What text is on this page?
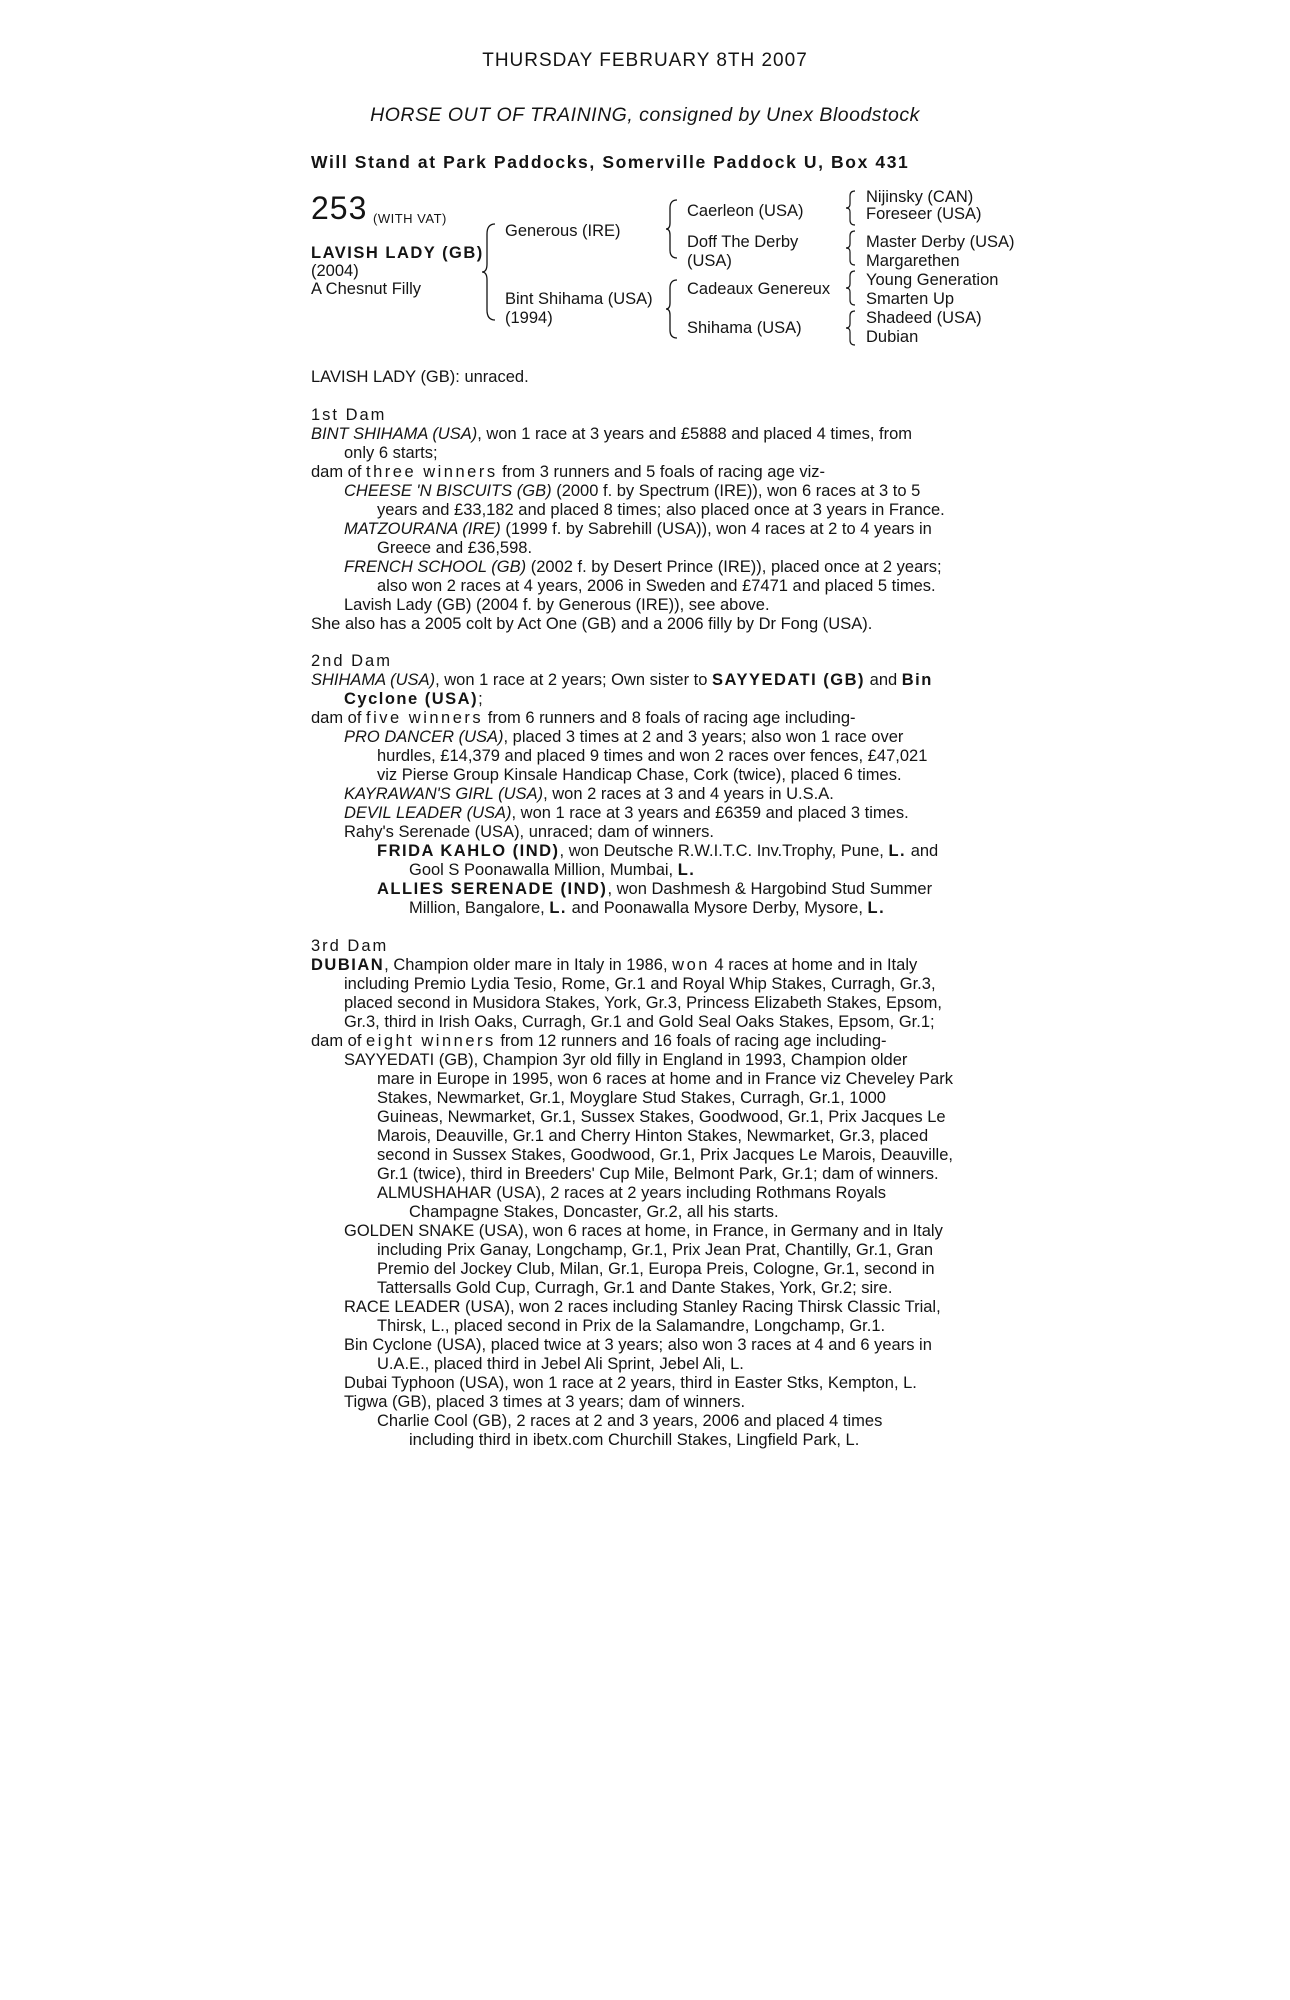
THURSDAY FEBRUARY 8TH 2007
HORSE OUT OF TRAINING, consigned by Unex Bloodstock
Will Stand at Park Paddocks, Somerville Paddock U, Box 431
253 (WITH VAT)
LAVISH LADY (GB)
(2004)
A Chesnut Filly
Generous (IRE)
Bint Shihama (USA)
(1994)
Caerleon (USA)
Doff The Derby
(USA)
Cadeaux Genereux
Shihama (USA)
Nijinsky (CAN)
Foreseer (USA)
Master Derby (USA)
Margarethen
Young Generation
Smarten Up
Shadeed (USA)
Dubian
LAVISH LADY (GB): unraced.
1st Dam
BINT SHIHAMA (USA), won 1 race at 3 years and £5888 and placed 4 times, from
only 6 starts;
dam of three winners from 3 runners and 5 foals of racing age viz-
CHEESE 'N BISCUITS (GB) (2000 f. by Spectrum (IRE)), won 6 races at 3 to 5
years and £33,182 and placed 8 times; also placed once at 3 years in France.
MATZOURANA (IRE) (1999 f. by Sabrehill (USA)), won 4 races at 2 to 4 years in
Greece and £36,598.
FRENCH SCHOOL (GB) (2002 f. by Desert Prince (IRE)), placed once at 2 years;
also won 2 races at 4 years, 2006 in Sweden and £7471 and placed 5 times.
Lavish Lady (GB) (2004 f. by Generous (IRE)), see above.
She also has a 2005 colt by Act One (GB) and a 2006 filly by Dr Fong (USA).
2nd Dam
SHIHAMA (USA), won 1 race at 2 years; Own sister to SAYYEDATI (GB) and Bin
Cyclone (USA);
dam of five winners from 6 runners and 8 foals of racing age including-
PRO DANCER (USA), placed 3 times at 2 and 3 years; also won 1 race over
hurdles, £14,379 and placed 9 times and won 2 races over fences, £47,021
viz Pierse Group Kinsale Handicap Chase, Cork (twice), placed 6 times.
KAYRAWAN'S GIRL (USA), won 2 races at 3 and 4 years in U.S.A.
DEVIL LEADER (USA), won 1 race at 3 years and £6359 and placed 3 times.
Rahy's Serenade (USA), unraced; dam of winners.
FRIDA KAHLO (IND), won Deutsche R.W.I.T.C. Inv.Trophy, Pune, L. and
Gool S Poonawalla Million, Mumbai, L.
ALLIES SERENADE (IND), won Dashmesh & Hargobind Stud Summer
Million, Bangalore, L. and Poonawalla Mysore Derby, Mysore, L.
3rd Dam
DUBIAN, Champion older mare in Italy in 1986, won 4 races at home and in Italy
including Premio Lydia Tesio, Rome, Gr.1 and Royal Whip Stakes, Curragh, Gr.3,
placed second in Musidora Stakes, York, Gr.3, Princess Elizabeth Stakes, Epsom,
Gr.3, third in Irish Oaks, Curragh, Gr.1 and Gold Seal Oaks Stakes, Epsom, Gr.1;
dam of eight winners from 12 runners and 16 foals of racing age including-
SAYYEDATI (GB), Champion 3yr old filly in England in 1993, Champion older
mare in Europe in 1995, won 6 races at home and in France viz Cheveley Park
Stakes, Newmarket, Gr.1, Moyglare Stud Stakes, Curragh, Gr.1, 1000
Guineas, Newmarket, Gr.1, Sussex Stakes, Goodwood, Gr.1, Prix Jacques Le
Marois, Deauville, Gr.1 and Cherry Hinton Stakes, Newmarket, Gr.3, placed
second in Sussex Stakes, Goodwood, Gr.1, Prix Jacques Le Marois, Deauville,
Gr.1 (twice), third in Breeders' Cup Mile, Belmont Park, Gr.1; dam of winners.
ALMUSHAHAR (USA), 2 races at 2 years including Rothmans Royals
Champagne Stakes, Doncaster, Gr.2, all his starts.
GOLDEN SNAKE (USA), won 6 races at home, in France, in Germany and in Italy
including Prix Ganay, Longchamp, Gr.1, Prix Jean Prat, Chantilly, Gr.1, Gran
Premio del Jockey Club, Milan, Gr.1, Europa Preis, Cologne, Gr.1, second in
Tattersalls Gold Cup, Curragh, Gr.1 and Dante Stakes, York, Gr.2; sire.
RACE LEADER (USA), won 2 races including Stanley Racing Thirsk Classic Trial,
Thirsk, L., placed second in Prix de la Salamandre, Longchamp, Gr.1.
Bin Cyclone (USA), placed twice at 3 years; also won 3 races at 4 and 6 years in
U.A.E., placed third in Jebel Ali Sprint, Jebel Ali, L.
Dubai Typhoon (USA), won 1 race at 2 years, third in Easter Stks, Kempton, L.
Tigwa (GB), placed 3 times at 3 years; dam of winners.
Charlie Cool (GB), 2 races at 2 and 3 years, 2006 and placed 4 times
including third in ibetx.com Churchill Stakes, Lingfield Park, L.
